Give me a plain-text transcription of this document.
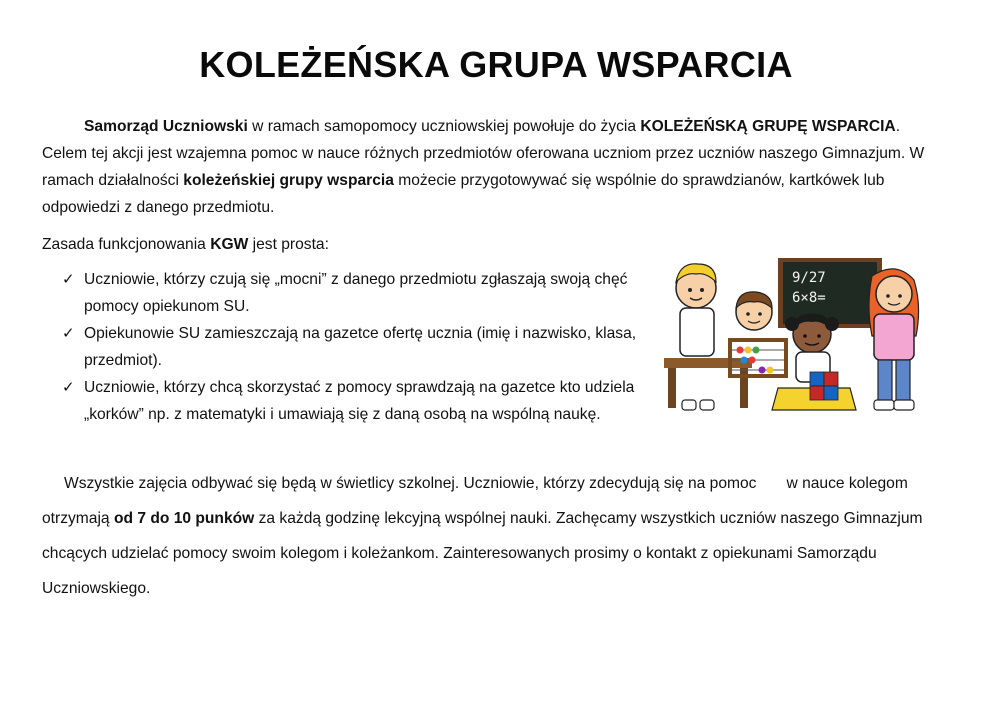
KOLEŻEŃSKA GRUPA WSPARCIA
Samorząd Uczniowski w ramach samopomocy uczniowskiej powołuje do życia KOLEŻEŃSKĄ GRUPĘ WSPARCIA. Celem tej akcji jest wzajemna pomoc w nauce różnych przedmiotów oferowana uczniom przez uczniów naszego Gimnazjum. W ramach działalności koleżeńskiej grupy wsparcia możecie przygotowywać się wspólnie do sprawdzianów, kartkówek lub odpowiedzi z danego przedmiotu.
Zasada funkcjonowania KGW jest prosta:
✓ Uczniowie, którzy czują się „mocni” z danego przedmiotu zgłaszają swoją chęć pomocy opiekunom SU.
✓ Opiekunowie SU zamieszczają na gazetce ofertę ucznia (imię i nazwisko, klasa, przedmiot).
✓ Uczniowie, którzy chcą skorzystać z pomocy sprawdzają na gazetce kto udziela „korków” np. z matematyki i umawiają się z daną osobą na wspólną naukę.
9/27
6×8=
Wszystkie zajęcia odbywać się będą w świetlicy szkolnej. Uczniowie, którzy zdecydują się na pomoc w nauce kolegom otrzymają od 7 do 10 punków za każdą godzinę lekcyjną wspólnej nauki. Zachęcamy wszystkich uczniów naszego Gimnazjum chcących udzielać pomocy swoim kolegom i koleżankom. Zainteresowanych prosimy o kontakt z opiekunami Samorządu Uczniowskiego.
